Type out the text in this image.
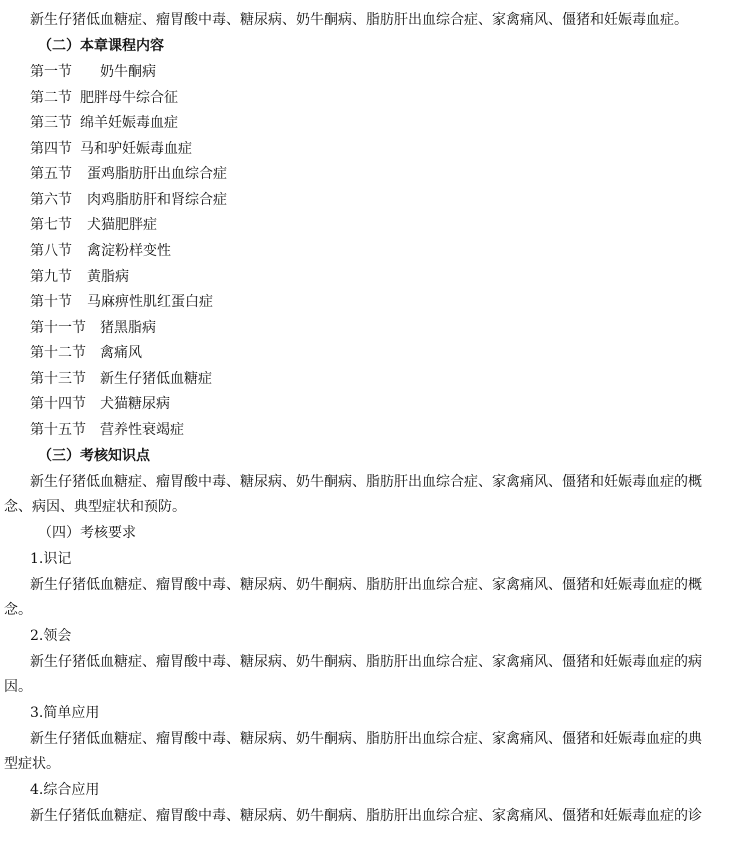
新生仔猪低血糖症、瘤胃酸中毒、糖尿病、奶牛酮病、脂肪肝出血综合症、家禽痛风、僵猪和妊娠毒血症。
（二）本章课程内容
第一节 奶牛酮病
第二节 肥胖母牛综合征
第三节 绵羊妊娠毒血症
第四节 马和驴妊娠毒血症
第五节 蛋鸡脂肪肝出血综合症
第六节 肉鸡脂肪肝和肾综合症
第七节 犬猫肥胖症
第八节 禽淀粉样变性
第九节 黄脂病
第十节 马麻痹性肌红蛋白症
第十一节 猪黑脂病
第十二节 禽痛风
第十三节 新生仔猪低血糖症
第十四节 犬猫糖尿病
第十五节 营养性衰竭症
（三）考核知识点
新生仔猪低血糖症、瘤胃酸中毒、糖尿病、奶牛酮病、脂肪肝出血综合症、家禽痛风、僵猪和妊娠毒血症的概
念、病因、典型症状和预防。
（四）考核要求
1.识记
新生仔猪低血糖症、瘤胃酸中毒、糖尿病、奶牛酮病、脂肪肝出血综合症、家禽痛风、僵猪和妊娠毒血症的概
念。
2.领会
新生仔猪低血糖症、瘤胃酸中毒、糖尿病、奶牛酮病、脂肪肝出血综合症、家禽痛风、僵猪和妊娠毒血症的病
因。
3.简单应用
新生仔猪低血糖症、瘤胃酸中毒、糖尿病、奶牛酮病、脂肪肝出血综合症、家禽痛风、僵猪和妊娠毒血症的典
型症状。
4.综合应用
新生仔猪低血糖症、瘤胃酸中毒、糖尿病、奶牛酮病、脂肪肝出血综合症、家禽痛风、僵猪和妊娠毒血症的诊
